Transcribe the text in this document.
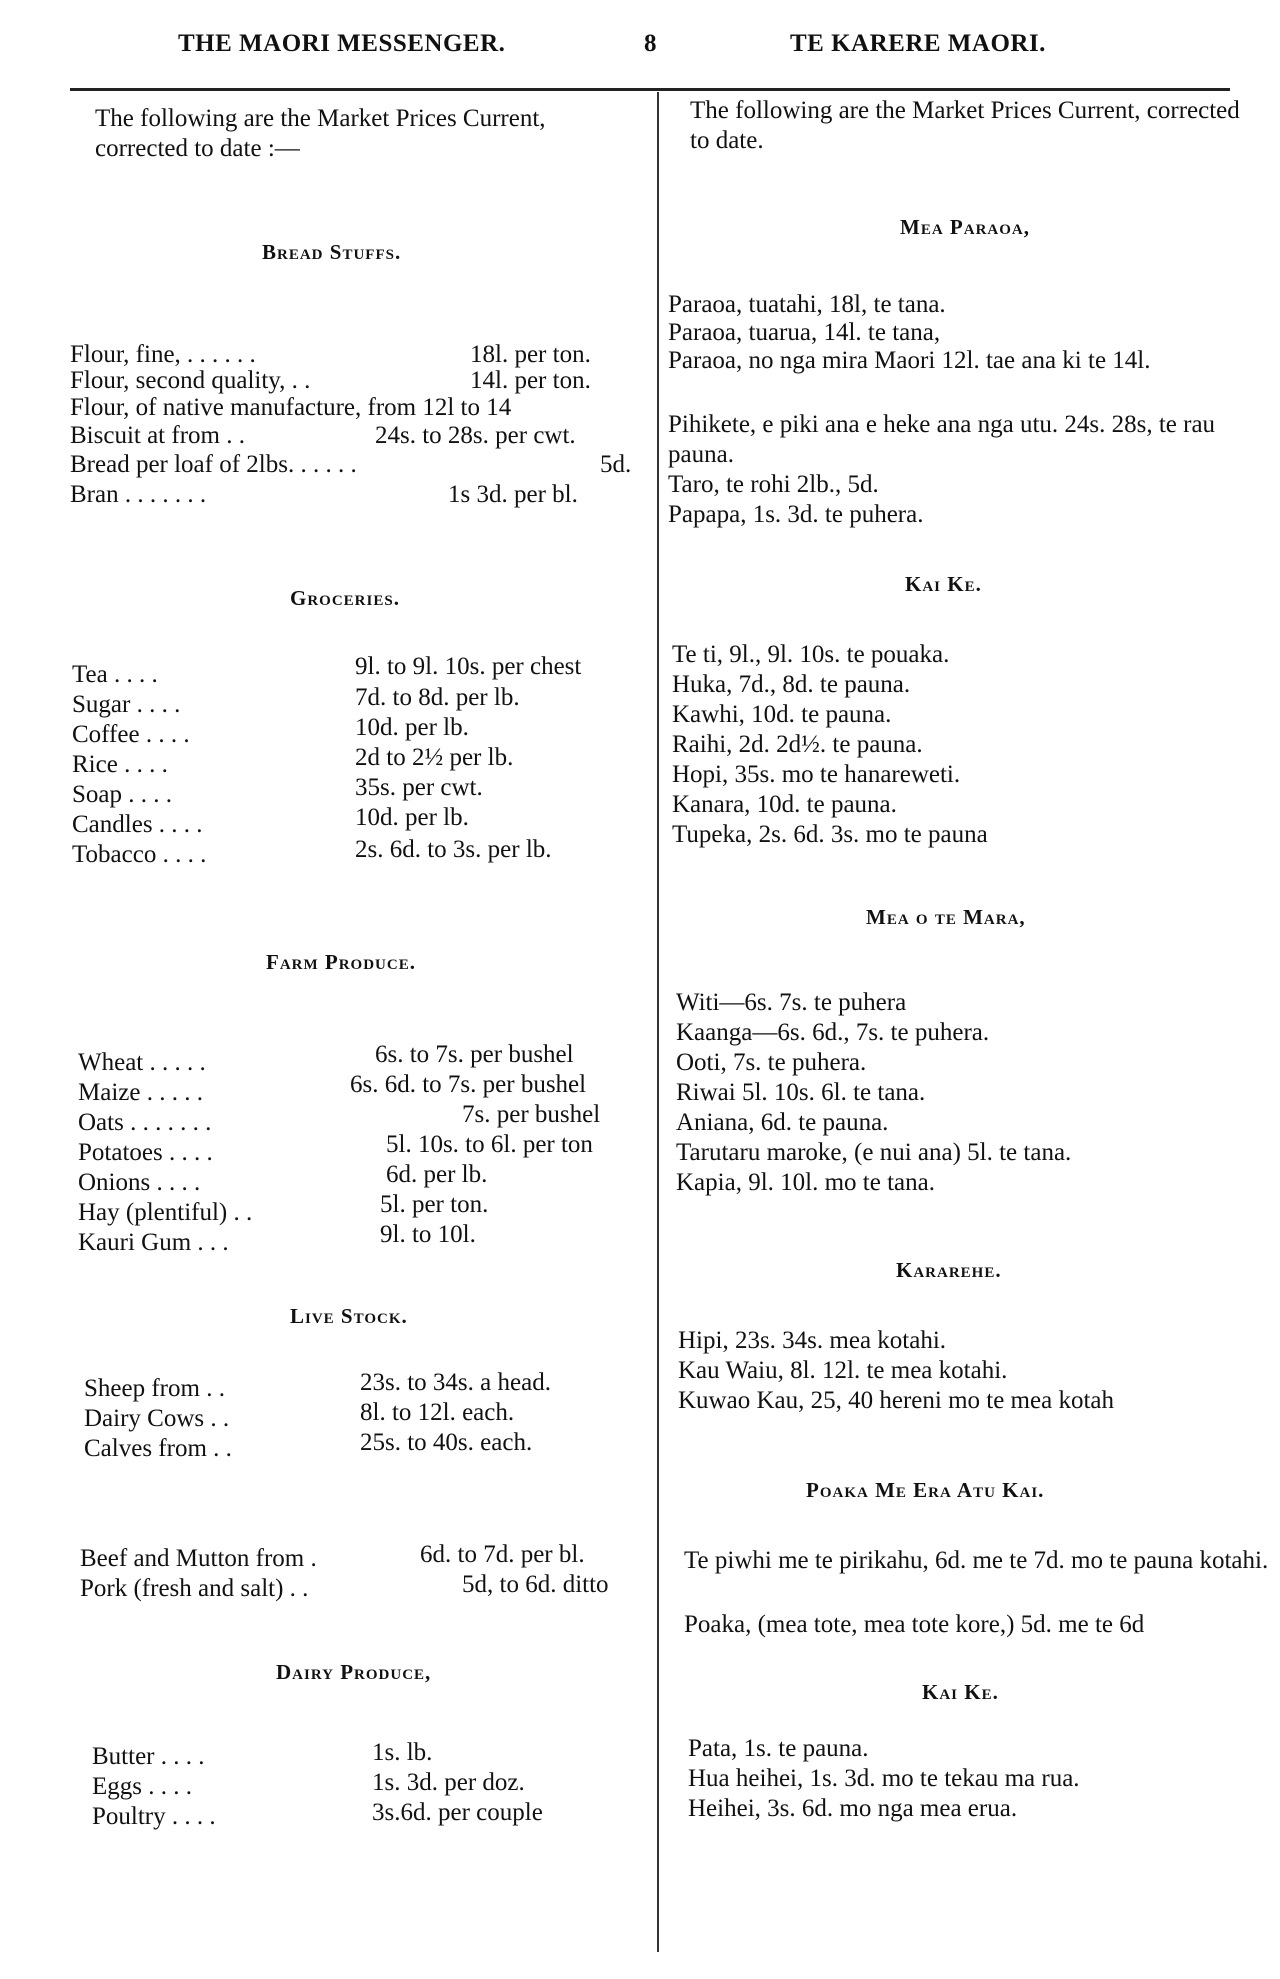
THE MAORI MESSENGER.	8	TE KARERE MAORI.
The following are the Market Prices Current, corrected to date :—
The following are the Market Prices Current, corrected to date.
Bread Stuffs.
Flour, fine, . . . . . .	18l. per ton.
Flour, second quality, . .	14l. per ton.
Flour, of native manufacture, from 12l to 14
Biscuit at from . .	24s. to 28s. per cwt.
Bread per loaf of 2lbs. . . . . .	5d.
Bran . . . . . . .	1s 3d. per bl.
Groceries.
Tea . . . .	9l. to 9l. 10s. per chest
Sugar . . . .	7d. to 8d. per lb.
Coffee . . . .	10d. per lb.
Rice . . . .	2d to 2½ per lb.
Soap . . . .	35s. per cwt.
Candles . . . .	10d. per lb.
Tobacco . . . .	2s. 6d. to 3s. per lb.
Farm Produce.
Wheat . . . . .	6s. to 7s. per bushel
Maize . . . . .	6s. 6d. to 7s. per bushel
Oats . . . . . . .	7s. per bushel
Potatoes . . . .	5l. 10s. to 6l. per ton
Onions . . . .	6d. per lb.
Hay (plentiful) . .	5l. per ton.
Kauri Gum . . .	9l. to 10l.
Live Stock.
Sheep from . .	23s. to 34s. a head.
Dairy Cows . .	8l. to 12l. each.
Calves from . .	25s. to 40s. each.
Beef and Mutton from .	6d. to 7d. per bl.
Pork (fresh and salt) . .	5d, to 6d. ditto
Dairy Produce,
Butter . . . .	1s. lb.
Eggs . . . .	1s. 3d. per doz.
Poultry . . . .	3s.6d. per couple
Mea Paraoa,
Paraoa, tuatahi, 18l, te tana.
Paraoa, tuarua, 14l. te tana,
Paraoa, no nga mira Maori 12l. tae ana ki te 14l.
Pihikete, e piki ana e heke ana nga utu. 24s. 28s, te rau pauna.
Taro, te rohi 2lb., 5d.
Papapa, 1s. 3d. te puhera.
Kai Ke.
Te ti, 9l., 9l. 10s. te pouaka.
Huka, 7d., 8d. te pauna.
Kawhi, 10d. te pauna.
Raihi, 2d. 2d½. te pauna.
Hopi, 35s. mo te hanareweti.
Kanara, 10d. te pauna.
Tupeka, 2s. 6d. 3s. mo te pauna
Mea o te Mara,
Witi—6s. 7s. te puhera
Kaanga—6s. 6d., 7s. te puhera.
Ooti, 7s. te puhera.
Riwai 5l. 10s. 6l. te tana.
Aniana, 6d. te pauna.
Tarutaru maroke, (e nui ana) 5l. te tana.
Kapia, 9l. 10l. mo te tana.
Kararehe.
Hipi, 23s. 34s. mea kotahi.
Kau Waiu, 8l. 12l. te mea kotahi.
Kuwao Kau, 25, 40 hereni mo te mea kotah
Poaka Me Era Atu Kai.
Te piwhi me te pirikahu, 6d. me te 7d. mo te pauna kotahi.
Poaka, (mea tote, mea tote kore,) 5d. me te 6d
Kai Ke.
Pata, 1s. te pauna.
Hua heihei, 1s. 3d. mo te tekau ma rua.
Heihei, 3s. 6d. mo nga mea erua.
